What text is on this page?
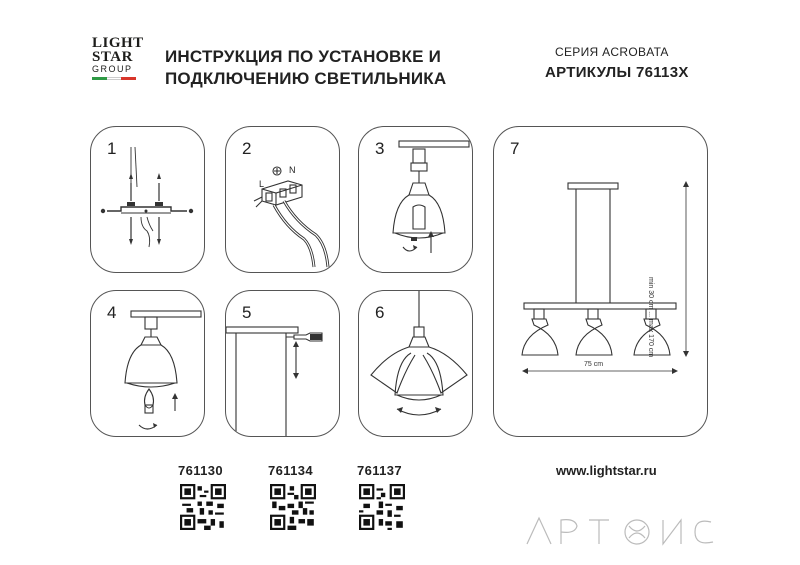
LIGHT
STAR
GROUP
ИНСТРУКЦИЯ ПО УСТАНОВКЕ И
ПОДКЛЮЧЕНИЮ СВЕТИЛЬНИКА
СЕРИЯ ACROBATA
АРТИКУЛЫ 76113Х
1	2
L
N
3
4	5	6
7
min 30 cm ... max 170 cm
75 cm
761130	761134	761137	www.lightstar.ru
